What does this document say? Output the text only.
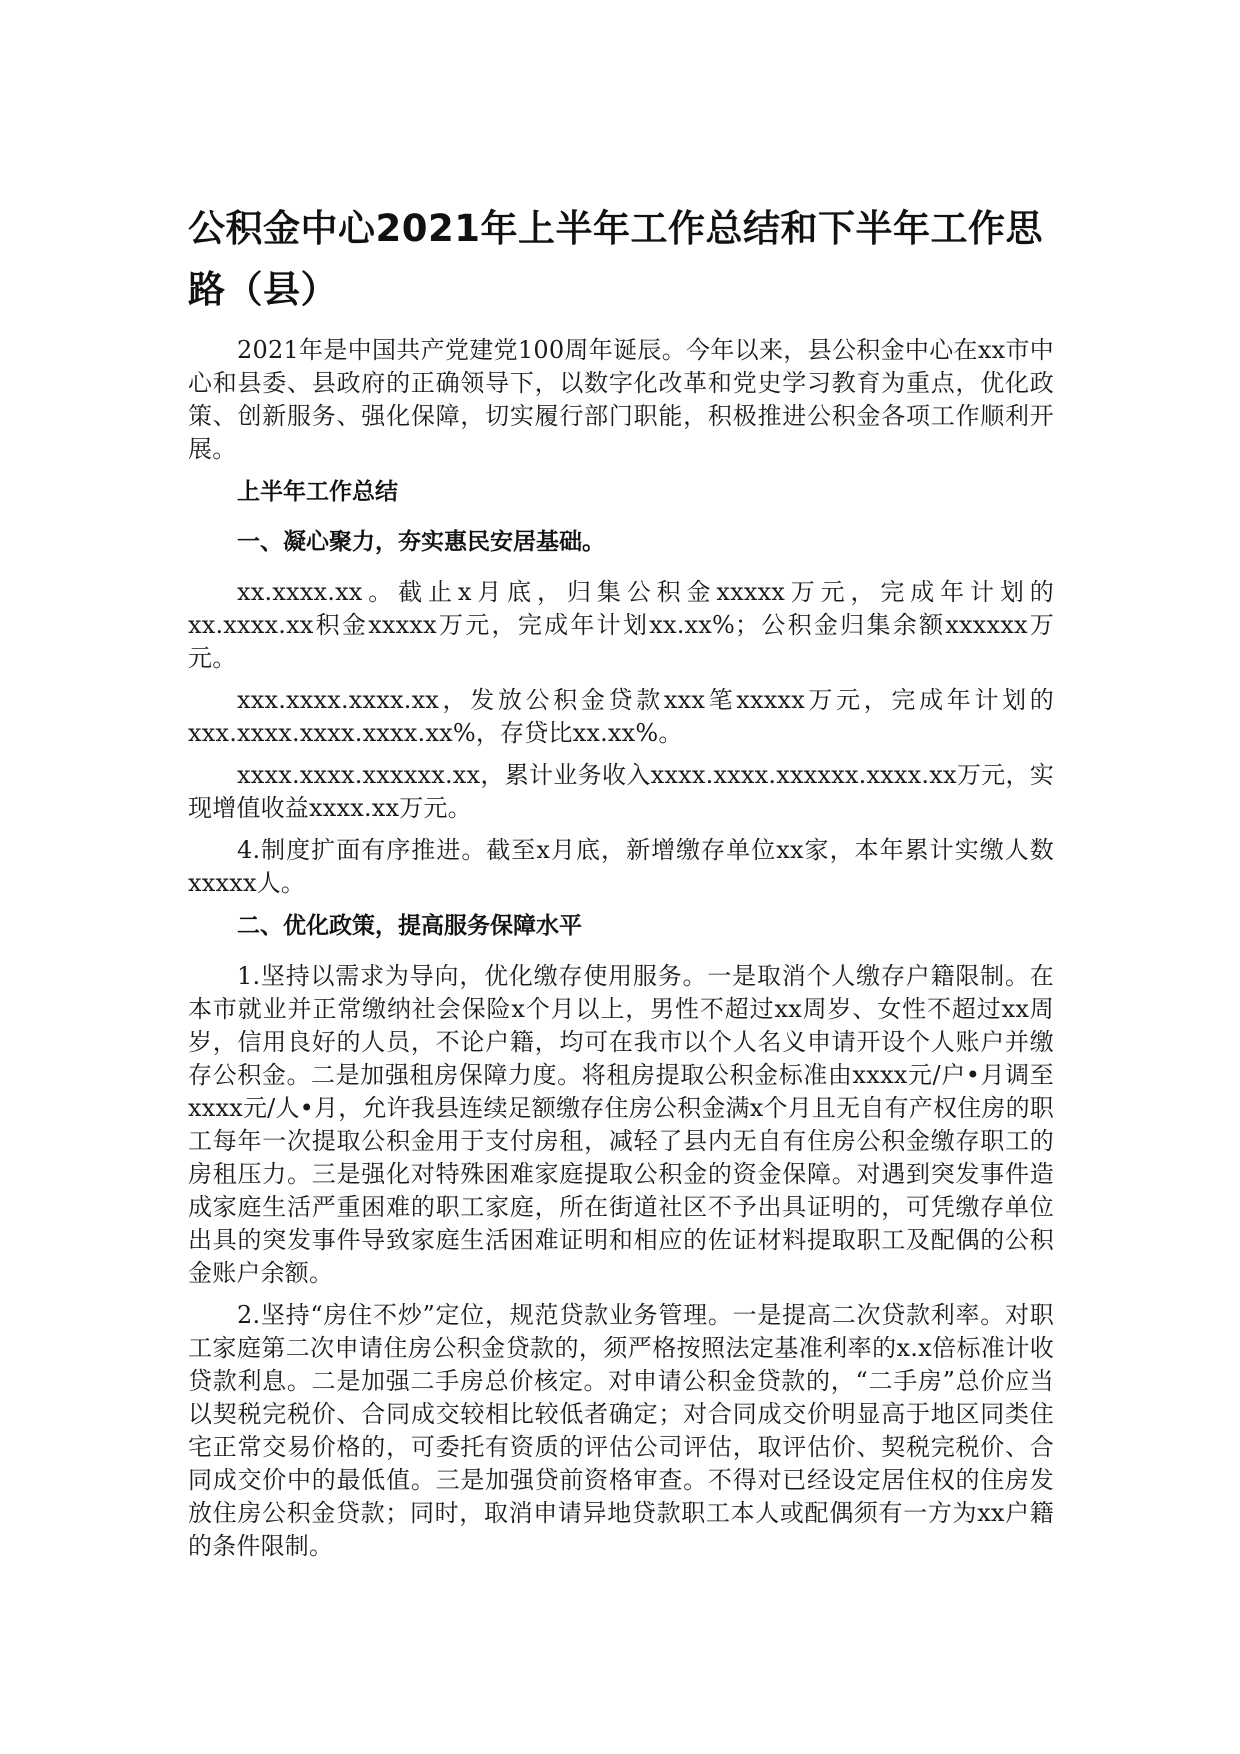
公积金中心2021年上半年工作总结和下半年工作思路（县）

2021年是中国共产党建党100周年诞辰。今年以来，县公积金中心在xx市中心和县委、县政府的正确领导下，以数字化改革和党史学习教育为重点，优化政策、创新服务、强化保障，切实履行部门职能，积极推进公积金各项工作顺利开展。

上半年工作总结

一、凝心聚力，夯实惠民安居基础。

xx.xxxx.xx。截止x月底，归集公积金xxxxx万元，完成年计划的xx.xxxx.xx积金xxxxx万元，完成年计划xx.xx%；公积金归集余额xxxxxx万元。

xxx.xxxx.xxxx.xx，发放公积金贷款xxx笔xxxxx万元，完成年计划的xxx.xxxx.xxxx.xxxx.xx%，存贷比xx.xx%。

xxxx.xxxx.xxxxxx.xx，累计业务收入xxxx.xxxx.xxxxxx.xxxx.xx万元，实现增值收益xxxx.xx万元。

4.制度扩面有序推进。截至x月底，新增缴存单位xx家，本年累计实缴人数xxxxx人。

二、优化政策，提高服务保障水平

1.坚持以需求为导向，优化缴存使用服务。一是取消个人缴存户籍限制。在本市就业并正常缴纳社会保险x个月以上，男性不超过xx周岁、女性不超过xx周岁，信用良好的人员，不论户籍，均可在我市以个人名义申请开设个人账户并缴存公积金。二是加强租房保障力度。将租房提取公积金标准由xxxx元/户•月调至xxxx元/人•月，允许我县连续足额缴存住房公积金满x个月且无自有产权住房的职工每年一次提取公积金用于支付房租，减轻了县内无自有住房公积金缴存职工的房租压力。三是强化对特殊困难家庭提取公积金的资金保障。对遇到突发事件造成家庭生活严重困难的职工家庭，所在街道社区不予出具证明的，可凭缴存单位出具的突发事件导致家庭生活困难证明和相应的佐证材料提取职工及配偶的公积金账户余额。

2.坚持“房住不炒”定位，规范贷款业务管理。一是提高二次贷款利率。对职工家庭第二次申请住房公积金贷款的，须严格按照法定基准利率的x.x倍标准计收贷款利息。二是加强二手房总价核定。对申请公积金贷款的，“二手房”总价应当以契税完税价、合同成交较相比较低者确定；对合同成交价明显高于地区同类住宅正常交易价格的，可委托有资质的评估公司评估，取评估价、契税完税价、合同成交价中的最低值。三是加强贷前资格审查。不得对已经设定居住权的住房发放住房公积金贷款；同时，取消申请异地贷款职工本人或配偶须有一方为xx户籍的条件限制。
